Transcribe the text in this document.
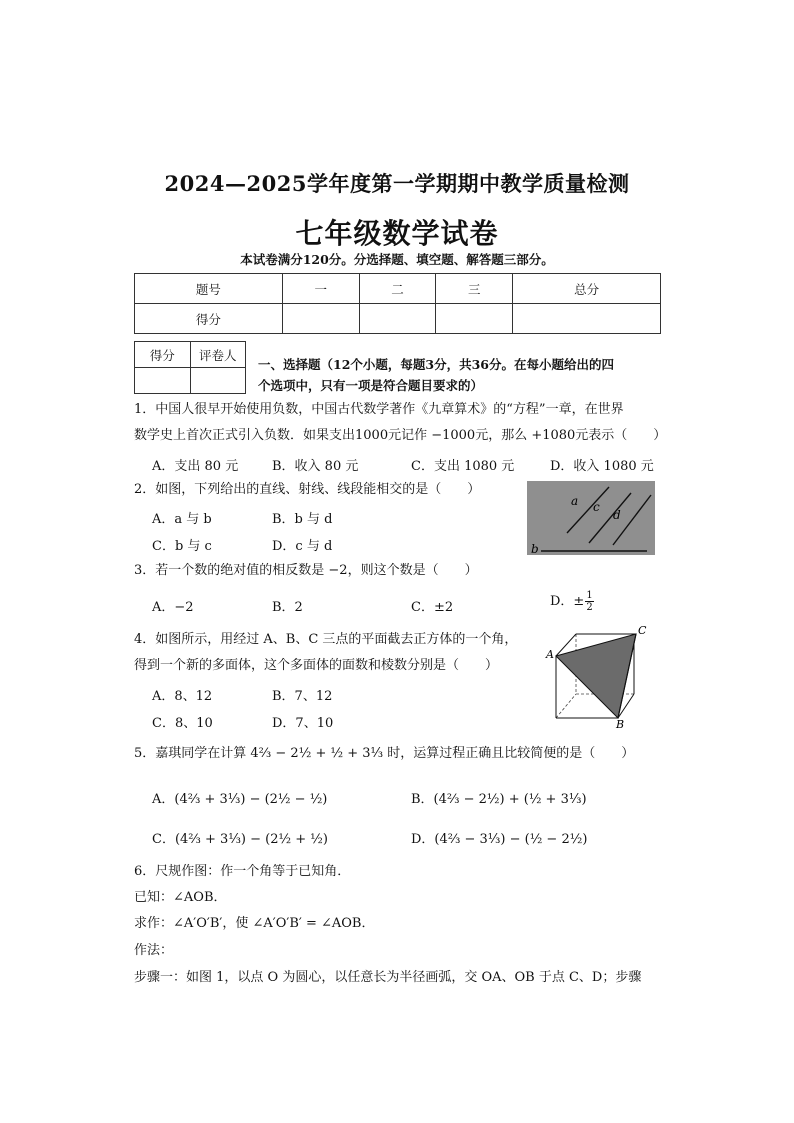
2024—2025学年度第一学期期中教学质量检测
七年级数学试卷
本试卷满分120分。分选择题、填空题、解答题三部分。
题号	一	二	三	总分
得分				
得分	评卷人

一、选择题（12个小题，每题3分，共36分。在每小题给出的四
个选项中，只有一项是符合题目要求的）
1．中国人很早开始使用负数，中国古代数学著作《九章算术》的“方程”一章，在世界
数学史上首次正式引入负数．如果支出1000元记作 −1000元，那么 +1080元表示（　　）
A．支出 80 元	B．收入 80 元	C．支出 1080 元	D．收入 1080 元
2．如图，下列给出的直线、射线、线段能相交的是（　　）
A．a 与 b	B．b 与 d
C．b 与 c	D．c 与 d
a c
d
b
3．若一个数的绝对值的相反数是 −2，则这个数是（　　）
A．−2	B．2	C．±2	D．± $\frac{1}{2}$
4．如图所示，用经过 A、B、C 三点的平面截去正方体的一个角，
得到一个新的多面体，这个多面体的面数和棱数分别是（　　）
A．8、12	B．7、12
C．8、10	D．7、10
A
B
C
5．嘉琪同学在计算 4⅔ − 2½ + ½ + 3⅓ 时，运算过程正确且比较简便的是（　　）
A．(4⅔ + 3⅓) − (2½ − ½)	B．(4⅔ − 2½) + (½ + 3⅓)
C．(4⅔ + 3⅓) − (2½ + ½)	D．(4⅔ − 3⅓) − (½ − 2½)
6．尺规作图：作一个角等于已知角．
已知：∠AOB．
求作：∠A′O′B′，使 ∠A′O′B′ = ∠AOB．
作法：
步骤一：如图 1，以点 O 为圆心，以任意长为半径画弧，交 OA、OB 于点 C、D；步骤
